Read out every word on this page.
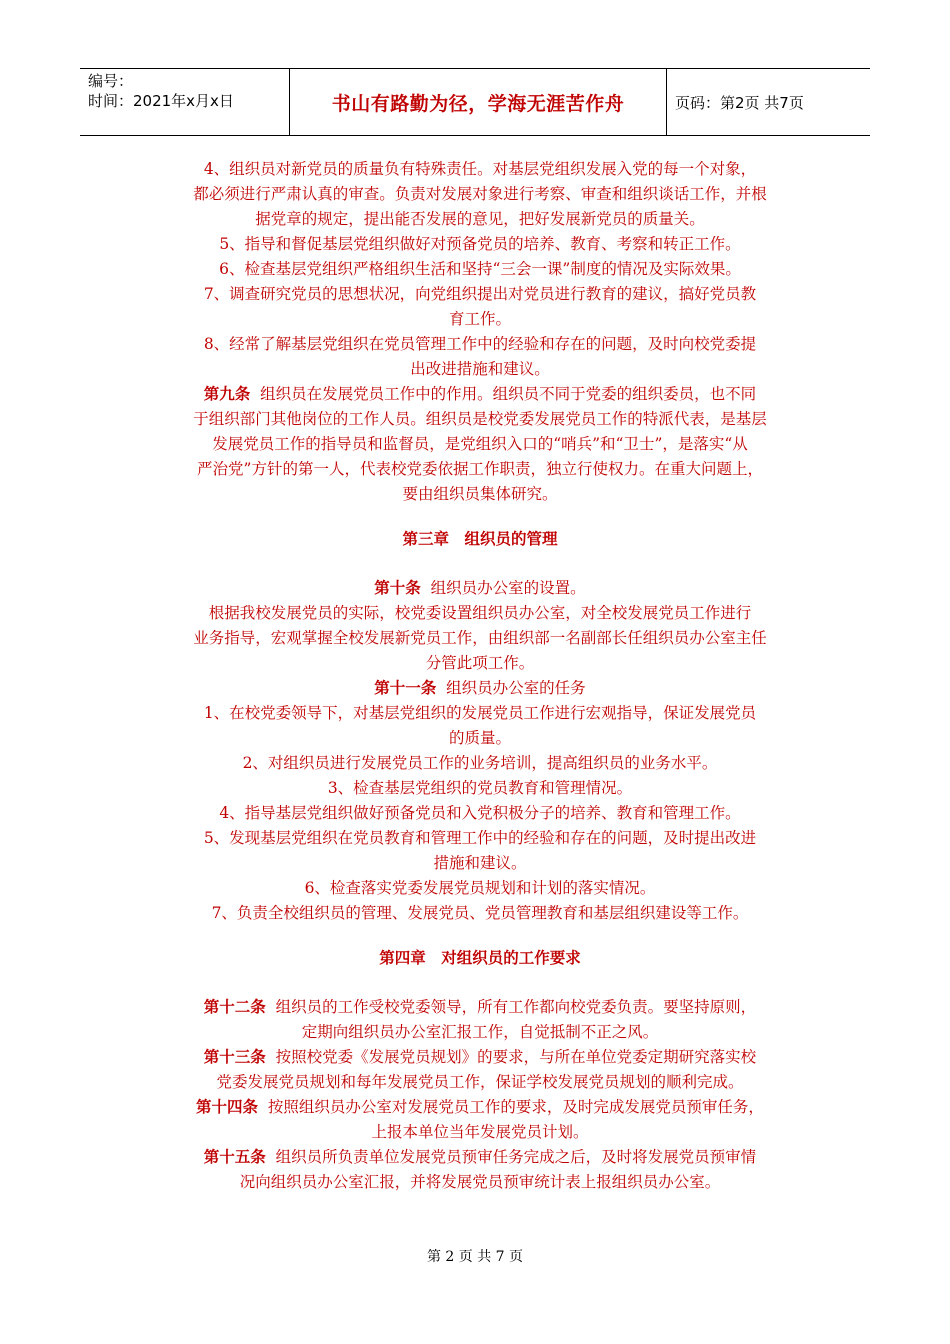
编号：
时间：2021年x月x日	书山有路勤为径，学海无涯苦作舟	页码：第2页 共7页
4、组织员对新党员的质量负有特殊责任。对基层党组织发展入党的每一个对象，
都必须进行严肃认真的审查。负责对发展对象进行考察、审查和组织谈话工作，并根
据党章的规定，提出能否发展的意见，把好发展新党员的质量关。
5、指导和督促基层党组织做好对预备党员的培养、教育、考察和转正工作。
6、检查基层党组织严格组织生活和坚持“三会一课”制度的情况及实际效果。
7、调查研究党员的思想状况，向党组织提出对党员进行教育的建议，搞好党员教
育工作。
8、经常了解基层党组织在党员管理工作中的经验和存在的问题，及时向校党委提
出改进措施和建议。
第九条 组织员在发展党员工作中的作用。组织员不同于党委的组织委员，也不同
于组织部门其他岗位的工作人员。组织员是校党委发展党员工作的特派代表，是基层
发展党员工作的指导员和监督员，是党组织入口的“哨兵”和“卫士”，是落实“从
严治党”方针的第一人，代表校党委依据工作职责，独立行使权力。在重大问题上，
要由组织员集体研究。
第三章　组织员的管理
第十条 组织员办公室的设置。
根据我校发展党员的实际，校党委设置组织员办公室，对全校发展党员工作进行
业务指导，宏观掌握全校发展新党员工作，由组织部一名副部长任组织员办公室主任
分管此项工作。
第十一条 组织员办公室的任务
1、在校党委领导下，对基层党组织的发展党员工作进行宏观指导，保证发展党员
的质量。
2、对组织员进行发展党员工作的业务培训，提高组织员的业务水平。
3、检查基层党组织的党员教育和管理情况。
4、指导基层党组织做好预备党员和入党积极分子的培养、教育和管理工作。
5、发现基层党组织在党员教育和管理工作中的经验和存在的问题，及时提出改进
措施和建议。
6、检查落实党委发展党员规划和计划的落实情况。
7、负责全校组织员的管理、发展党员、党员管理教育和基层组织建设等工作。
第四章　对组织员的工作要求
第十二条 组织员的工作受校党委领导，所有工作都向校党委负责。要坚持原则，
定期向组织员办公室汇报工作，自觉抵制不正之风。
第十三条 按照校党委《发展党员规划》的要求，与所在单位党委定期研究落实校
党委发展党员规划和每年发展党员工作，保证学校发展党员规划的顺利完成。
第十四条 按照组织员办公室对发展党员工作的要求，及时完成发展党员预审任务，
上报本单位当年发展党员计划。
第十五条 组织员所负责单位发展党员预审任务完成之后，及时将发展党员预审情
况向组织员办公室汇报，并将发展党员预审统计表上报组织员办公室。
第 2 页 共 7 页
